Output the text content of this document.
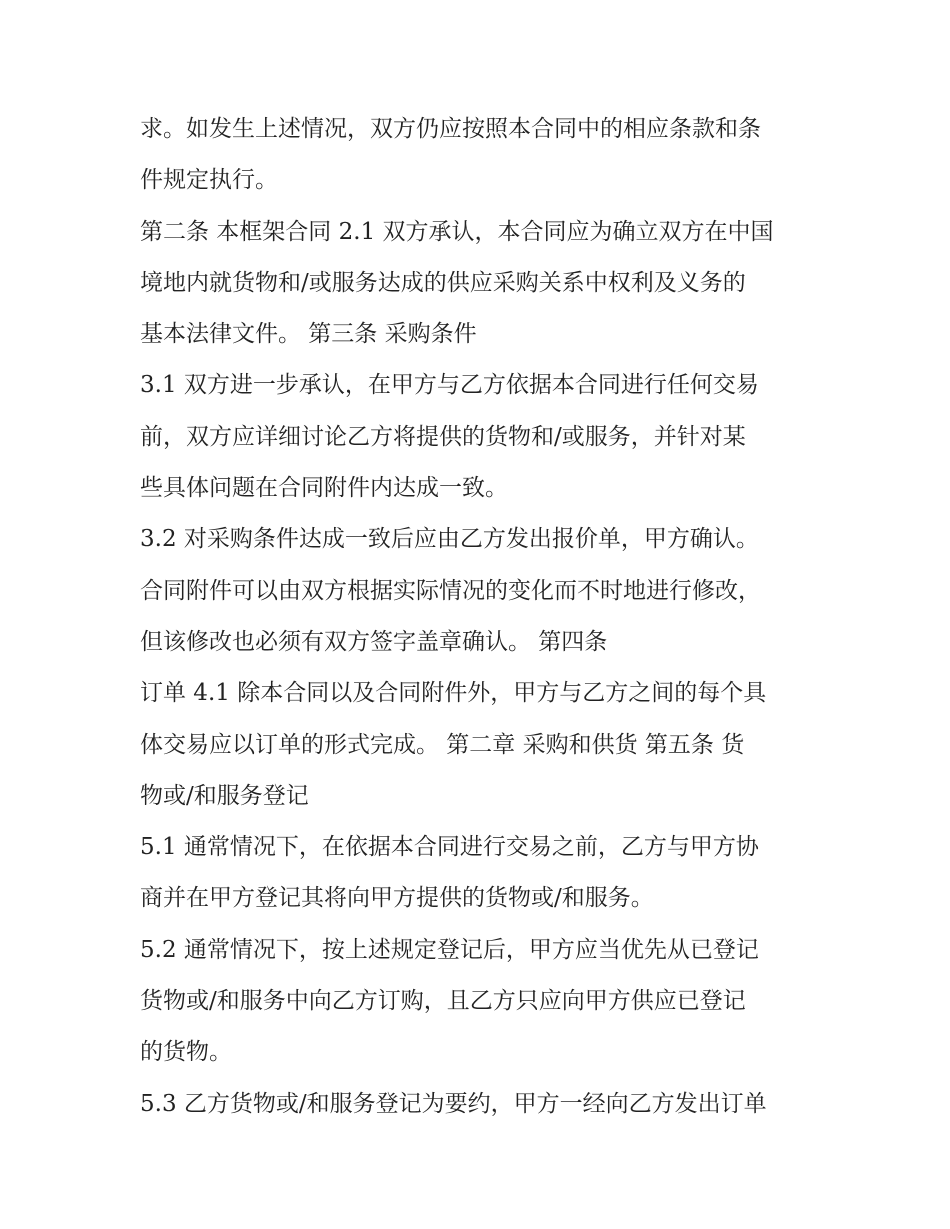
求。如发生上述情况，双方仍应按照本合同中的相应条款和条
件规定执行。
第二条 本框架合同 2.1 双方承认，本合同应为确立双方在中国
境地内就货物和/或服务达成的供应采购关系中权利及义务的
基本法律文件。 第三条 采购条件
3.1 双方进一步承认，在甲方与乙方依据本合同进行任何交易
前，双方应详细讨论乙方将提供的货物和/或服务，并针对某
些具体问题在合同附件内达成一致。
3.2 对采购条件达成一致后应由乙方发出报价单，甲方确认。
合同附件可以由双方根据实际情况的变化而不时地进行修改，
但该修改也必须有双方签字盖章确认。 第四条
订单 4.1 除本合同以及合同附件外，甲方与乙方之间的每个具
体交易应以订单的形式完成。 第二章 采购和供货 第五条 货
物或/和服务登记
5.1 通常情况下，在依据本合同进行交易之前，乙方与甲方协
商并在甲方登记其将向甲方提供的货物或/和服务。
5.2 通常情况下，按上述规定登记后，甲方应当优先从已登记
货物或/和服务中向乙方订购，且乙方只应向甲方供应已登记
的货物。
5.3 乙方货物或/和服务登记为要约，甲方一经向乙方发出订单
